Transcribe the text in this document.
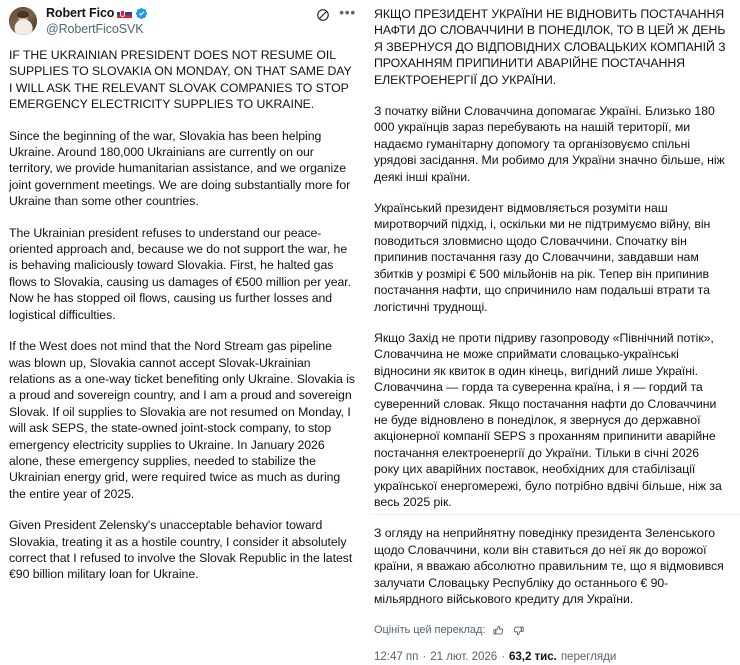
Robert Fico
@RobertFicoSVK
•••

IF THE UKRAINIAN PRESIDENT DOES NOT RESUME OIL SUPPLIES TO SLOVAKIA ON MONDAY, ON THAT SAME DAY I WILL ASK THE RELEVANT SLOVAK COMPANIES TO STOP EMERGENCY ELECTRICITY SUPPLIES TO UKRAINE.

Since the beginning of the war, Slovakia has been helping Ukraine. Around 180,000 Ukrainians are currently on our territory, we provide humanitarian assistance, and we organize joint government meetings. We are doing substantially more for Ukraine than some other countries.

The Ukrainian president refuses to understand our peace-oriented approach and, because we do not support the war, he is behaving maliciously toward Slovakia. First, he halted gas flows to Slovakia, causing us damages of €500 million per year. Now he has stopped oil flows, causing us further losses and logistical difficulties.

If the West does not mind that the Nord Stream gas pipeline was blown up, Slovakia cannot accept Slovak-Ukrainian relations as a one-way ticket benefiting only Ukraine. Slovakia is a proud and sovereign country, and I am a proud and sovereign Slovak. If oil supplies to Slovakia are not resumed on Monday, I will ask SEPS, the state-owned joint-stock company, to stop emergency electricity supplies to Ukraine. In January 2026 alone, these emergency supplies, needed to stabilize the Ukrainian energy grid, were required twice as much as during the entire year of 2025.

Given President Zelensky's unacceptable behavior toward Slovakia, treating it as a hostile country, I consider it absolutely correct that I refused to involve the Slovak Republic in the latest €90 billion military loan for Ukraine.

ЯКЩО ПРЕЗИДЕНТ УКРАЇНИ НЕ ВІДНОВИТЬ ПОСТАЧАННЯ НАФТИ ДО СЛОВАЧЧИНИ В ПОНЕДІЛОК, ТО В ЦЕЙ Ж ДЕНЬ Я ЗВЕРНУСЯ ДО ВІДПОВІДНИХ СЛОВАЦЬКИХ КОМПАНІЙ З ПРОХАННЯМ ПРИПИНИТИ АВАРІЙНЕ ПОСТАЧАННЯ ЕЛЕКТРОЕНЕРГІЇ ДО УКРАЇНИ.

З початку війни Словаччина допомагає Україні. Близько 180 000 українців зараз перебувають на нашій території, ми надаємо гуманітарну допомогу та організовуємо спільні урядові засідання. Ми робимо для України значно більше, ніж деякі інші країни.

Український президент відмовляється розуміти наш миротворчий підхід, і, оскільки ми не підтримуємо війну, він поводиться зловмисно щодо Словаччини. Спочатку він припинив постачання газу до Словаччини, завдавши нам збитків у розмірі € 500 мільйонів на рік. Тепер він припинив постачання нафти, що спричинило нам подальші втрати та логістичні труднощі.

Якщо Захід не проти підриву газопроводу «Північний потік», Словаччина не може сприймати словацько-українські відносини як квиток в один кінець, вигідний лише Україні. Словаччина — горда та суверенна країна, і я — гордий та суверенний словак. Якщо постачання нафти до Словаччини не буде відновлено в понеділок, я звернуся до державної акціонерної компанії SEPS з проханням припинити аварійне постачання електроенергії до України. Тільки в січні 2026 року цих аварійних поставок, необхідних для стабілізації української енергомережі, було потрібно вдвічі більше, ніж за весь 2025 рік.

З огляду на неприйнятну поведінку президента Зеленського щодо Словаччини, коли він ставиться до неї як до ворожої країни, я вважаю абсолютно правильним те, що я відмовився залучати Словацьку Республіку до останнього € 90-мільярдного військового кредиту для України.

Оцініть цей переклад:
12:47 пп · 21 лют. 2026 · 63,2 тис. перегляди
